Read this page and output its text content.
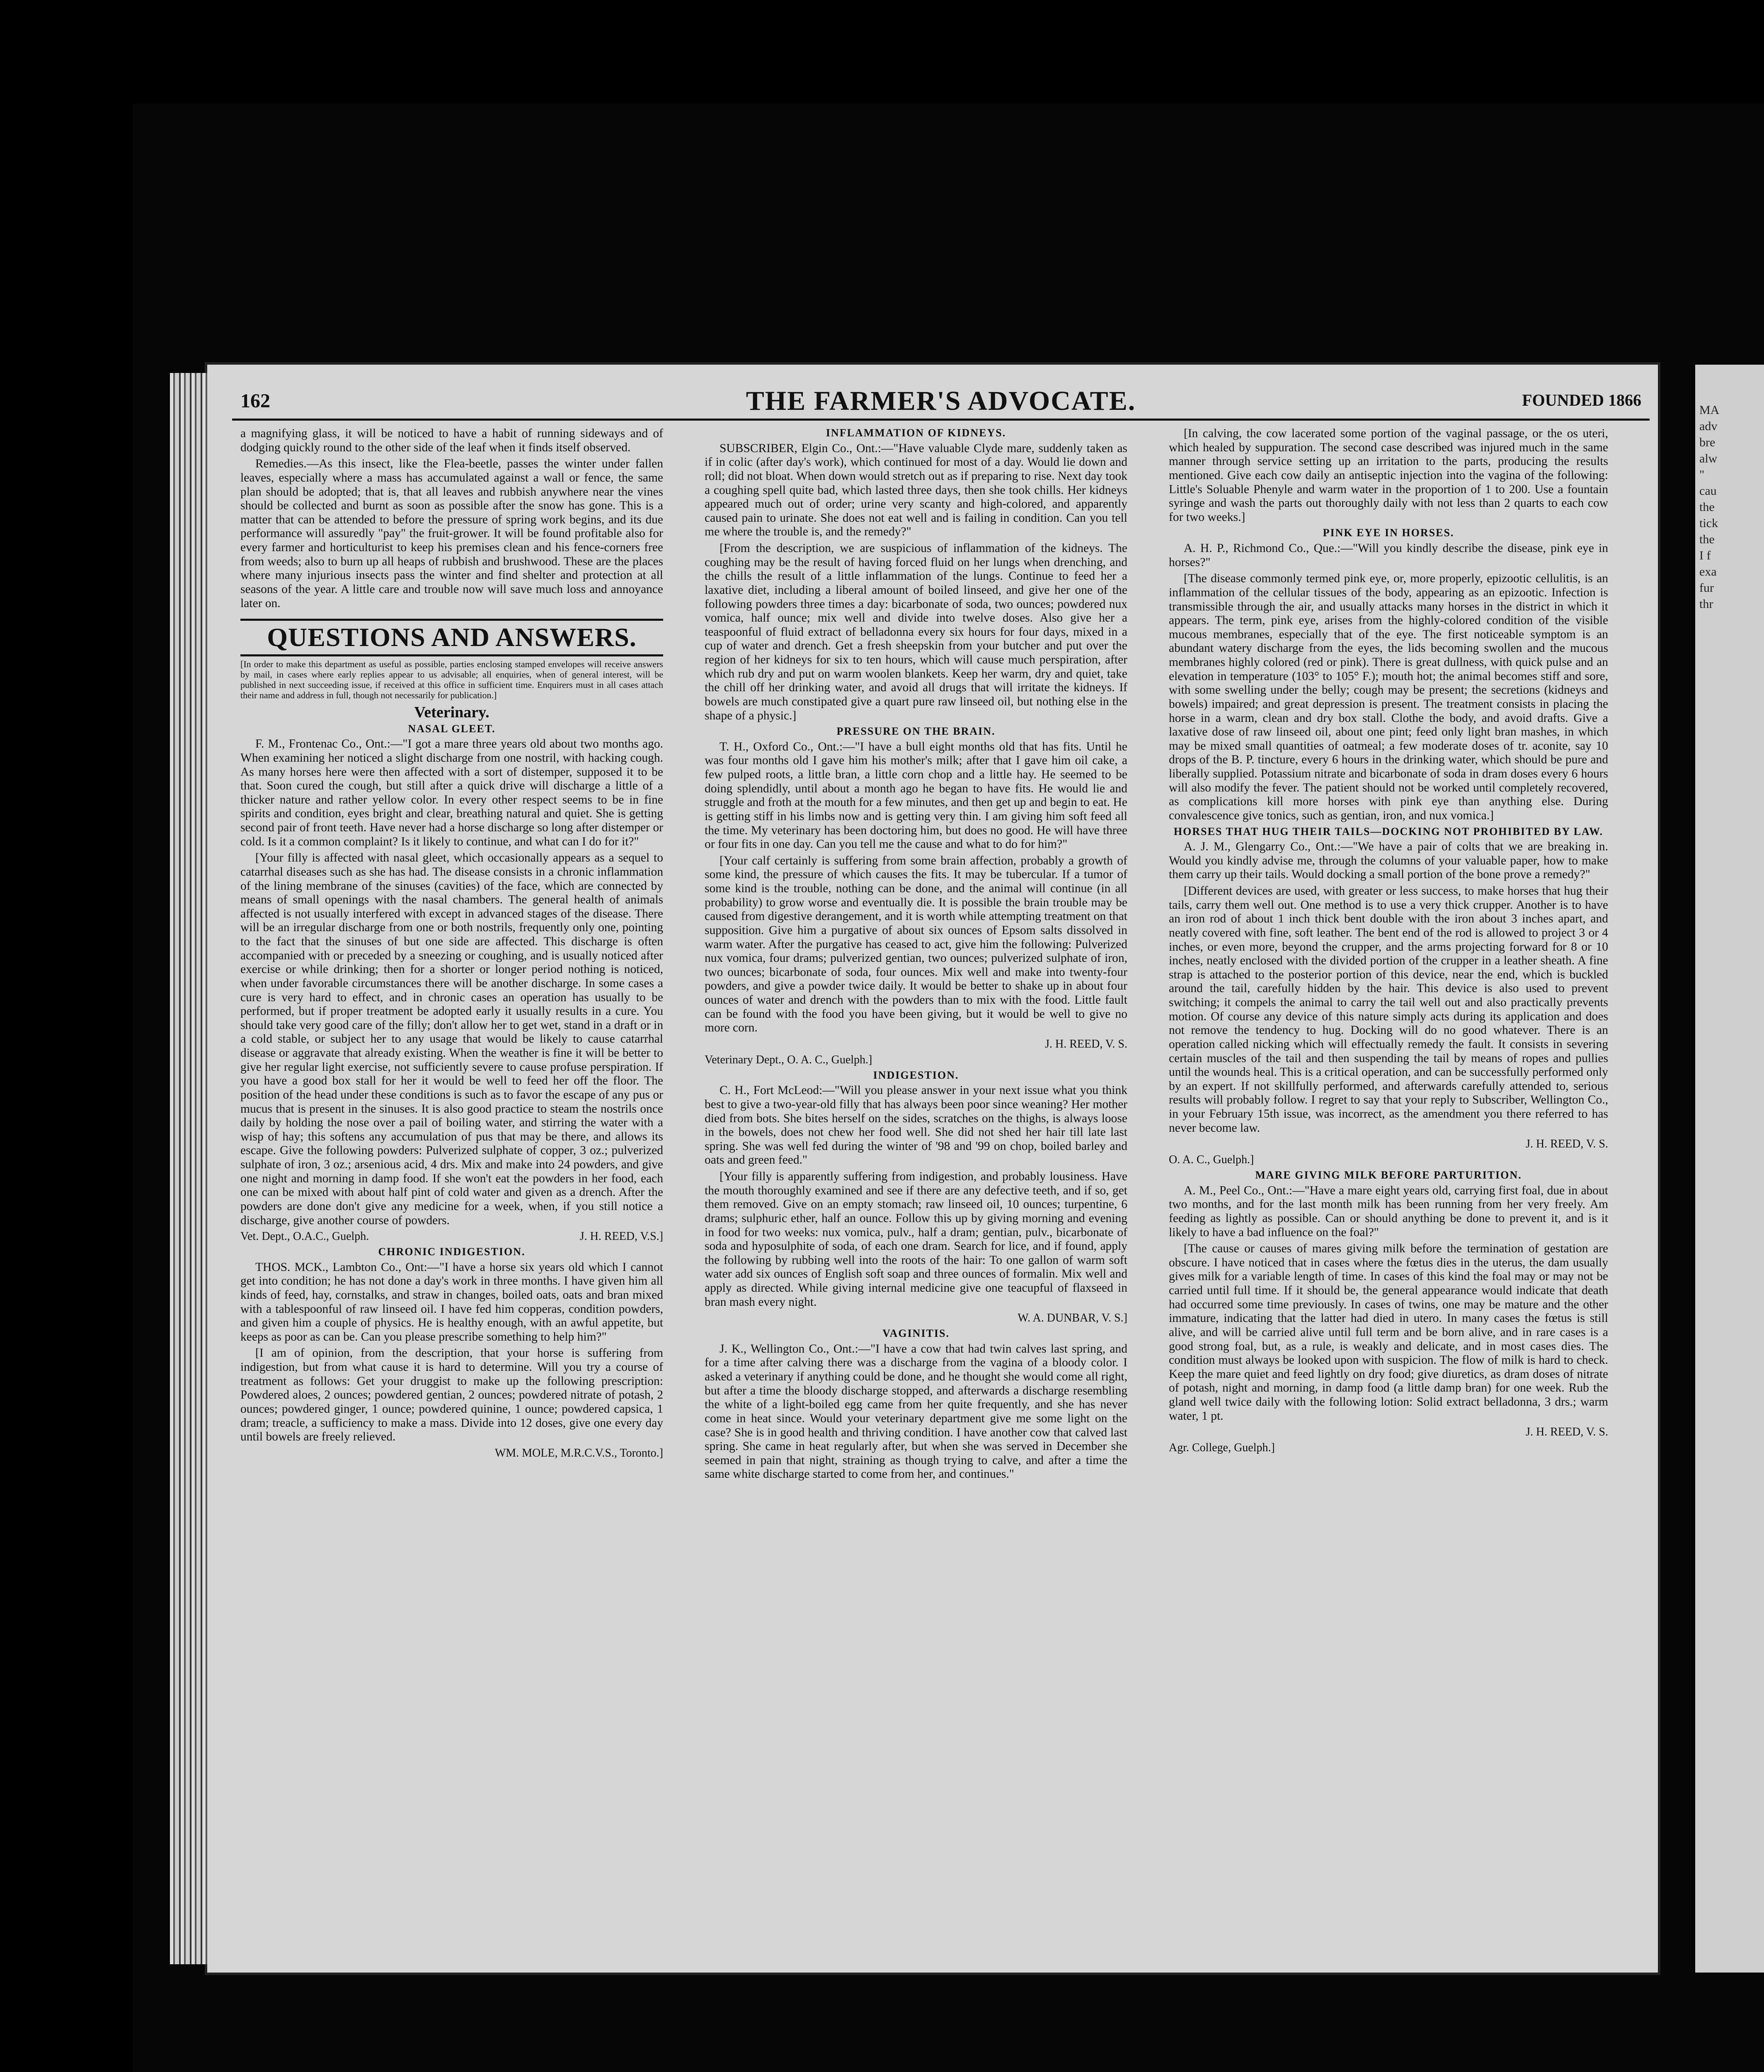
MA
adv
bre
alw
"
cau
the
tick
the
I f
exa
fur
thr
162	THE FARMER'S ADVOCATE.	FOUNDED 1866

a magnifying glass, it will be noticed to have a habit of running sideways and of dodging quickly round to the other side of the leaf when it finds itself observed.

Remedies.—As this insect, like the Flea-beetle, passes the winter under fallen leaves, especially where a mass has accumulated against a wall or fence, the same plan should be adopted; that is, that all leaves and rubbish anywhere near the vines should be collected and burnt as soon as possible after the snow has gone. This is a matter that can be attended to before the pressure of spring work begins, and its due performance will assuredly "pay" the fruit-grower. It will be found profitable also for every farmer and horticulturist to keep his premises clean and his fence-corners free from weeds; also to burn up all heaps of rubbish and brushwood. These are the places where many injurious insects pass the winter and find shelter and protection at all seasons of the year. A little care and trouble now will save much loss and annoyance later on.

QUESTIONS AND ANSWERS.

[In order to make this department as useful as possible, parties enclosing stamped envelopes will receive answers by mail, in cases where early replies appear to us advisable; all enquiries, when of general interest, will be published in next succeeding issue, if received at this office in sufficient time. Enquirers must in all cases attach their name and address in full, though not necessarily for publication.]

Veterinary.

NASAL GLEET.

F. M., Frontenac Co., Ont.:—"I got a mare three years old about two months ago. When examining her noticed a slight discharge from one nostril, with hacking cough. As many horses here were then affected with a sort of distemper, supposed it to be that. Soon cured the cough, but still after a quick drive will discharge a little of a thicker nature and rather yellow color. In every other respect seems to be in fine spirits and condition, eyes bright and clear, breathing natural and quiet. She is getting second pair of front teeth. Have never had a horse discharge so long after distemper or cold. Is it a common complaint? Is it likely to continue, and what can I do for it?"

[Your filly is affected with nasal gleet, which occasionally appears as a sequel to catarrhal diseases such as she has had. The disease consists in a chronic inflammation of the lining membrane of the sinuses (cavities) of the face, which are connected by means of small openings with the nasal chambers. The general health of animals affected is not usually interfered with except in advanced stages of the disease. There will be an irregular discharge from one or both nostrils, frequently only one, pointing to the fact that the sinuses of but one side are affected. This discharge is often accompanied with or preceded by a sneezing or coughing, and is usually noticed after exercise or while drinking; then for a shorter or longer period nothing is noticed, when under favorable circumstances there will be another discharge. In some cases a cure is very hard to effect, and in chronic cases an operation has usually to be performed, but if proper treatment be adopted early it usually results in a cure. You should take very good care of the filly; don't allow her to get wet, stand in a draft or in a cold stable, or subject her to any usage that would be likely to cause catarrhal disease or aggravate that already existing. When the weather is fine it will be better to give her regular light exercise, not sufficiently severe to cause profuse perspiration. If you have a good box stall for her it would be well to feed her off the floor. The position of the head under these conditions is such as to favor the escape of any pus or mucus that is present in the sinuses. It is also good practice to steam the nostrils once daily by holding the nose over a pail of boiling water, and stirring the water with a wisp of hay; this softens any accumulation of pus that may be there, and allows its escape. Give the following powders: Pulverized sulphate of copper, 3 oz.; pulverized sulphate of iron, 3 oz.; arsenious acid, 4 drs. Mix and make into 24 powders, and give one night and morning in damp food. If she won't eat the powders in her food, each one can be mixed with about half pint of cold water and given as a drench. After the powders are done don't give any medicine for a week, when, if you still notice a discharge, give another course of powders.

Vet. Dept., O.A.C., Guelph.	J. H. REED, V.S.]

CHRONIC INDIGESTION.

THOS. MCK., Lambton Co., Ont:—"I have a horse six years old which I cannot get into condition; he has not done a day's work in three months. I have given him all kinds of feed, hay, cornstalks, and straw in changes, boiled oats, oats and bran mixed with a tablespoonful of raw linseed oil. I have fed him copperas, condition powders, and given him a couple of physics. He is healthy enough, with an awful appetite, but keeps as poor as can be. Can you please prescribe something to help him?"

[I am of opinion, from the description, that your horse is suffering from indigestion, but from what cause it is hard to determine. Will you try a course of treatment as follows: Get your druggist to make up the following prescription: Powdered aloes, 2 ounces; powdered gentian, 2 ounces; powdered nitrate of potash, 2 ounces; powdered ginger, 1 ounce; powdered quinine, 1 ounce; powdered capsica, 1 dram; treacle, a sufficiency to make a mass. Divide into 12 doses, give one every day until bowels are freely relieved.

WM. MOLE, M.R.C.V.S., Toronto.]

INFLAMMATION OF KIDNEYS.

SUBSCRIBER, Elgin Co., Ont.:—"Have valuable Clyde mare, suddenly taken as if in colic (after day's work), which continued for most of a day. Would lie down and roll; did not bloat. When down would stretch out as if preparing to rise. Next day took a coughing spell quite bad, which lasted three days, then she took chills. Her kidneys appeared much out of order; urine very scanty and high-colored, and apparently caused pain to urinate. She does not eat well and is failing in condition. Can you tell me where the trouble is, and the remedy?"

[From the description, we are suspicious of inflammation of the kidneys. The coughing may be the result of having forced fluid on her lungs when drenching, and the chills the result of a little inflammation of the lungs. Continue to feed her a laxative diet, including a liberal amount of boiled linseed, and give her one of the following powders three times a day: bicarbonate of soda, two ounces; powdered nux vomica, half ounce; mix well and divide into twelve doses. Also give her a teaspoonful of fluid extract of belladonna every six hours for four days, mixed in a cup of water and drench. Get a fresh sheepskin from your butcher and put over the region of her kidneys for six to ten hours, which will cause much perspiration, after which rub dry and put on warm woolen blankets. Keep her warm, dry and quiet, take the chill off her drinking water, and avoid all drugs that will irritate the kidneys. If bowels are much constipated give a quart pure raw linseed oil, but nothing else in the shape of a physic.]

PRESSURE ON THE BRAIN.

T. H., Oxford Co., Ont.:—"I have a bull eight months old that has fits. Until he was four months old I gave him his mother's milk; after that I gave him oil cake, a few pulped roots, a little bran, a little corn chop and a little hay. He seemed to be doing splendidly, until about a month ago he began to have fits. He would lie and struggle and froth at the mouth for a few minutes, and then get up and begin to eat. He is getting stiff in his limbs now and is getting very thin. I am giving him soft feed all the time. My veterinary has been doctoring him, but does no good. He will have three or four fits in one day. Can you tell me the cause and what to do for him?"

[Your calf certainly is suffering from some brain affection, probably a growth of some kind, the pressure of which causes the fits. It may be tubercular. If a tumor of some kind is the trouble, nothing can be done, and the animal will continue (in all probability) to grow worse and eventually die. It is possible the brain trouble may be caused from digestive derangement, and it is worth while attempting treatment on that supposition. Give him a purgative of about six ounces of Epsom salts dissolved in warm water. After the purgative has ceased to act, give him the following: Pulverized nux vomica, four drams; pulverized gentian, two ounces; pulverized sulphate of iron, two ounces; bicarbonate of soda, four ounces. Mix well and make into twenty-four powders, and give a powder twice daily. It would be better to shake up in about four ounces of water and drench with the powders than to mix with the food. Little fault can be found with the food you have been giving, but it would be well to give no more corn.

J. H. REED, V. S.

Veterinary Dept., O. A. C., Guelph.]

INDIGESTION.

C. H., Fort McLeod:—"Will you please answer in your next issue what you think best to give a two-year-old filly that has always been poor since weaning? Her mother died from bots. She bites herself on the sides, scratches on the thighs, is always loose in the bowels, does not chew her food well. She did not shed her hair till late last spring. She was well fed during the winter of '98 and '99 on chop, boiled barley and oats and green feed."

[Your filly is apparently suffering from indigestion, and probably lousiness. Have the mouth thoroughly examined and see if there are any defective teeth, and if so, get them removed. Give on an empty stomach; raw linseed oil, 10 ounces; turpentine, 6 drams; sulphuric ether, half an ounce. Follow this up by giving morning and evening in food for two weeks: nux vomica, pulv., half a dram; gentian, pulv., bicarbonate of soda and hyposulphite of soda, of each one dram. Search for lice, and if found, apply the following by rubbing well into the roots of the hair: To one gallon of warm soft water add six ounces of English soft soap and three ounces of formalin. Mix well and apply as directed. While giving internal medicine give one teacupful of flaxseed in bran mash every night.

W. A. DUNBAR, V. S.]

VAGINITIS.

J. K., Wellington Co., Ont.:—"I have a cow that had twin calves last spring, and for a time after calving there was a discharge from the vagina of a bloody color. I asked a veterinary if anything could be done, and he thought she would come all right, but after a time the bloody discharge stopped, and afterwards a discharge resembling the white of a light-boiled egg came from her quite frequently, and she has never come in heat since. Would your veterinary department give me some light on the case? She is in good health and thriving condition. I have another cow that calved last spring. She came in heat regularly after, but when she was served in December she seemed in pain that night, straining as though trying to calve, and after a time the same white discharge started to come from her, and continues."

[In calving, the cow lacerated some portion of the vaginal passage, or the os uteri, which healed by suppuration. The second case described was injured much in the same manner through service setting up an irritation to the parts, producing the results mentioned. Give each cow daily an antiseptic injection into the vagina of the following: Little's Soluable Phenyle and warm water in the proportion of 1 to 200. Use a fountain syringe and wash the parts out thoroughly daily with not less than 2 quarts to each cow for two weeks.]

PINK EYE IN HORSES.

A. H. P., Richmond Co., Que.:—"Will you kindly describe the disease, pink eye in horses?"

[The disease commonly termed pink eye, or, more properly, epizootic cellulitis, is an inflammation of the cellular tissues of the body, appearing as an epizootic. Infection is transmissible through the air, and usually attacks many horses in the district in which it appears. The term, pink eye, arises from the highly-colored condition of the visible mucous membranes, especially that of the eye. The first noticeable symptom is an abundant watery discharge from the eyes, the lids becoming swollen and the mucous membranes highly colored (red or pink). There is great dullness, with quick pulse and an elevation in temperature (103° to 105° F.); mouth hot; the animal becomes stiff and sore, with some swelling under the belly; cough may be present; the secretions (kidneys and bowels) impaired; and great depression is present. The treatment consists in placing the horse in a warm, clean and dry box stall. Clothe the body, and avoid drafts. Give a laxative dose of raw linseed oil, about one pint; feed only light bran mashes, in which may be mixed small quantities of oatmeal; a few moderate doses of tr. aconite, say 10 drops of the B. P. tincture, every 6 hours in the drinking water, which should be pure and liberally supplied. Potassium nitrate and bicarbonate of soda in dram doses every 6 hours will also modify the fever. The patient should not be worked until completely recovered, as complications kill more horses with pink eye than anything else. During convalescence give tonics, such as gentian, iron, and nux vomica.]

HORSES THAT HUG THEIR TAILS—DOCKING NOT PROHIBITED BY LAW.

A. J. M., Glengarry Co., Ont.:—"We have a pair of colts that we are breaking in. Would you kindly advise me, through the columns of your valuable paper, how to make them carry up their tails. Would docking a small portion of the bone prove a remedy?"

[Different devices are used, with greater or less success, to make horses that hug their tails, carry them well out. One method is to use a very thick crupper. Another is to have an iron rod of about 1 inch thick bent double with the iron about 3 inches apart, and neatly covered with fine, soft leather. The bent end of the rod is allowed to project 3 or 4 inches, or even more, beyond the crupper, and the arms projecting forward for 8 or 10 inches, neatly enclosed with the divided portion of the crupper in a leather sheath. A fine strap is attached to the posterior portion of this device, near the end, which is buckled around the tail, carefully hidden by the hair. This device is also used to prevent switching; it compels the animal to carry the tail well out and also practically prevents motion. Of course any device of this nature simply acts during its application and does not remove the tendency to hug. Docking will do no good whatever. There is an operation called nicking which will effectually remedy the fault. It consists in severing certain muscles of the tail and then suspending the tail by means of ropes and pullies until the wounds heal. This is a critical operation, and can be successfully performed only by an expert. If not skillfully performed, and afterwards carefully attended to, serious results will probably follow. I regret to say that your reply to Subscriber, Wellington Co., in your February 15th issue, was incorrect, as the amendment you there referred to has never become law.

J. H. REED, V. S.

O. A. C., Guelph.]

MARE GIVING MILK BEFORE PARTURITION.

A. M., Peel Co., Ont.:—"Have a mare eight years old, carrying first foal, due in about two months, and for the last month milk has been running from her very freely. Am feeding as lightly as possible. Can or should anything be done to prevent it, and is it likely to have a bad influence on the foal?"

[The cause or causes of mares giving milk before the termination of gestation are obscure. I have noticed that in cases where the fœtus dies in the uterus, the dam usually gives milk for a variable length of time. In cases of this kind the foal may or may not be carried until full time. If it should be, the general appearance would indicate that death had occurred some time previously. In cases of twins, one may be mature and the other immature, indicating that the latter had died in utero. In many cases the fœtus is still alive, and will be carried alive until full term and be born alive, and in rare cases is a good strong foal, but, as a rule, is weakly and delicate, and in most cases dies. The condition must always be looked upon with suspicion. The flow of milk is hard to check. Keep the mare quiet and feed lightly on dry food; give diuretics, as dram doses of nitrate of potash, night and morning, in damp food (a little damp bran) for one week. Rub the gland well twice daily with the following lotion: Solid extract belladonna, 3 drs.; warm water, 1 pt.

J. H. REED, V. S.

Agr. College, Guelph.]
